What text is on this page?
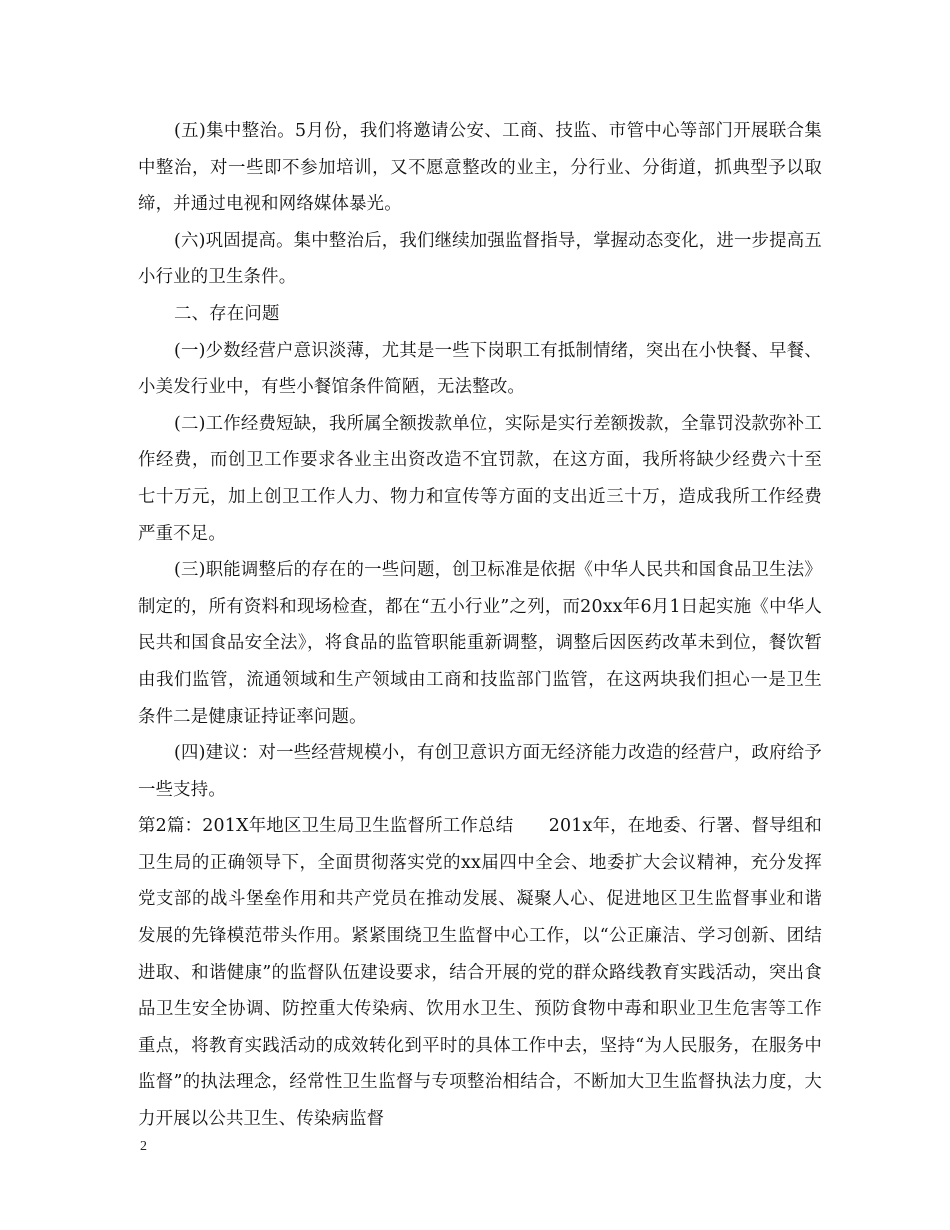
(五)集中整治。5月份，我们将邀请公安、工商、技监、市管中心等部门开展联合集中整治，对一些即不参加培训，又不愿意整改的业主，分行业、分街道，抓典型予以取缔，并通过电视和网络媒体暴光。

(六)巩固提高。集中整治后，我们继续加强监督指导，掌握动态变化，进一步提高五小行业的卫生条件。

二、存在问题

(一)少数经营户意识淡薄，尤其是一些下岗职工有抵制情绪，突出在小快餐、早餐、小美发行业中，有些小餐馆条件简陋，无法整改。

(二)工作经费短缺，我所属全额拨款单位，实际是实行差额拨款，全靠罚没款弥补工作经费，而创卫工作要求各业主出资改造不宜罚款，在这方面，我所将缺少经费六十至七十万元，加上创卫工作人力、物力和宣传等方面的支出近三十万，造成我所工作经费严重不足。

(三)职能调整后的存在的一些问题，创卫标准是依据《中华人民共和国食品卫生法》制定的，所有资料和现场检查，都在“五小行业”之列，而20xx年6月1日起实施《中华人民共和国食品安全法》，将食品的监管职能重新调整，调整后因医药改革未到位，餐饮暂由我们监管，流通领域和生产领域由工商和技监部门监管，在这两块我们担心一是卫生条件二是健康证持证率问题。

(四)建议：对一些经营规模小，有创卫意识方面无经济能力改造的经营户，政府给予一些支持。

第2篇：201X年地区卫生局卫生监督所工作总结　　201x年，在地委、行署、督导组和卫生局的正确领导下，全面贯彻落实党的xx届四中全会、地委扩大会议精神，充分发挥党支部的战斗堡垒作用和共产党员在推动发展、凝聚人心、促进地区卫生监督事业和谐发展的先锋模范带头作用。紧紧围绕卫生监督中心工作，以“公正廉洁、学习创新、团结进取、和谐健康”的监督队伍建设要求，结合开展的党的群众路线教育实践活动，突出食品卫生安全协调、防控重大传染病、饮用水卫生、预防食物中毒和职业卫生危害等工作重点，将教育实践活动的成效转化到平时的具体工作中去，坚持“为人民服务，在服务中监督”的执法理念，经常性卫生监督与专项整治相结合，不断加大卫生监督执法力度，大力开展以公共卫生、传染病监督

2
